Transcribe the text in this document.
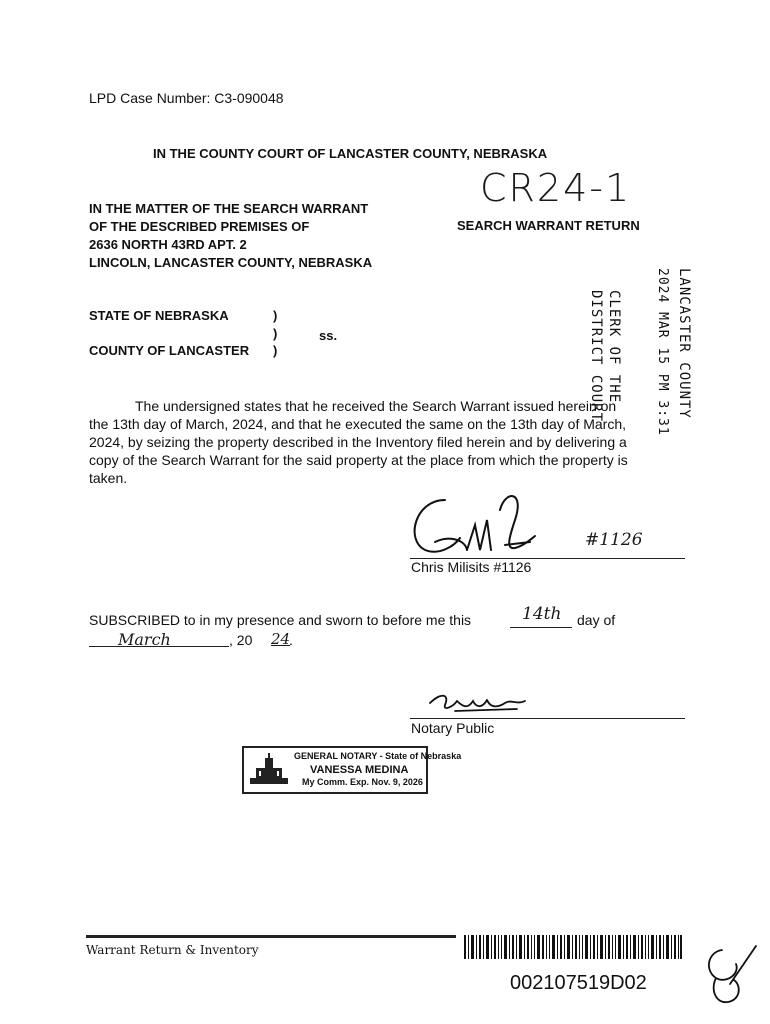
LPD Case Number: C3-090048
IN THE COUNTY COURT OF LANCASTER COUNTY, NEBRASKA
IN THE MATTER OF THE SEARCH WARRANT
OF THE DESCRIBED PREMISES OF
2636 NORTH 43RD APT. 2
LINCOLN, LANCASTER COUNTY, NEBRASKA
CR24-1
SEARCH WARRANT RETURN
LANCASTER COUNTY
2024 MAR 15 PM 3:31
CLERK OF THE
DISTRICT COURT
STATE OF NEBRASKA	)
)	ss.
COUNTY OF LANCASTER )
The undersigned states that he received the Search Warrant issued herein on
the 13th day of March, 2024, and that he executed the same on the 13th day of March,
2024, by seizing the property described in the Inventory filed herein and by delivering a
copy of the Search Warrant for the said property at the place from which the property is
taken.
#1126
Chris Milisits #1126
SUBSCRIBED to in my presence and sworn to before me this	14th day of
March	, 20 24
.
Notary Public
GENERAL NOTARY - State of Nebraska
VANESSA MEDINA
My Comm. Exp. Nov. 9, 2026
Warrant Return & Inventory
002107519D02
